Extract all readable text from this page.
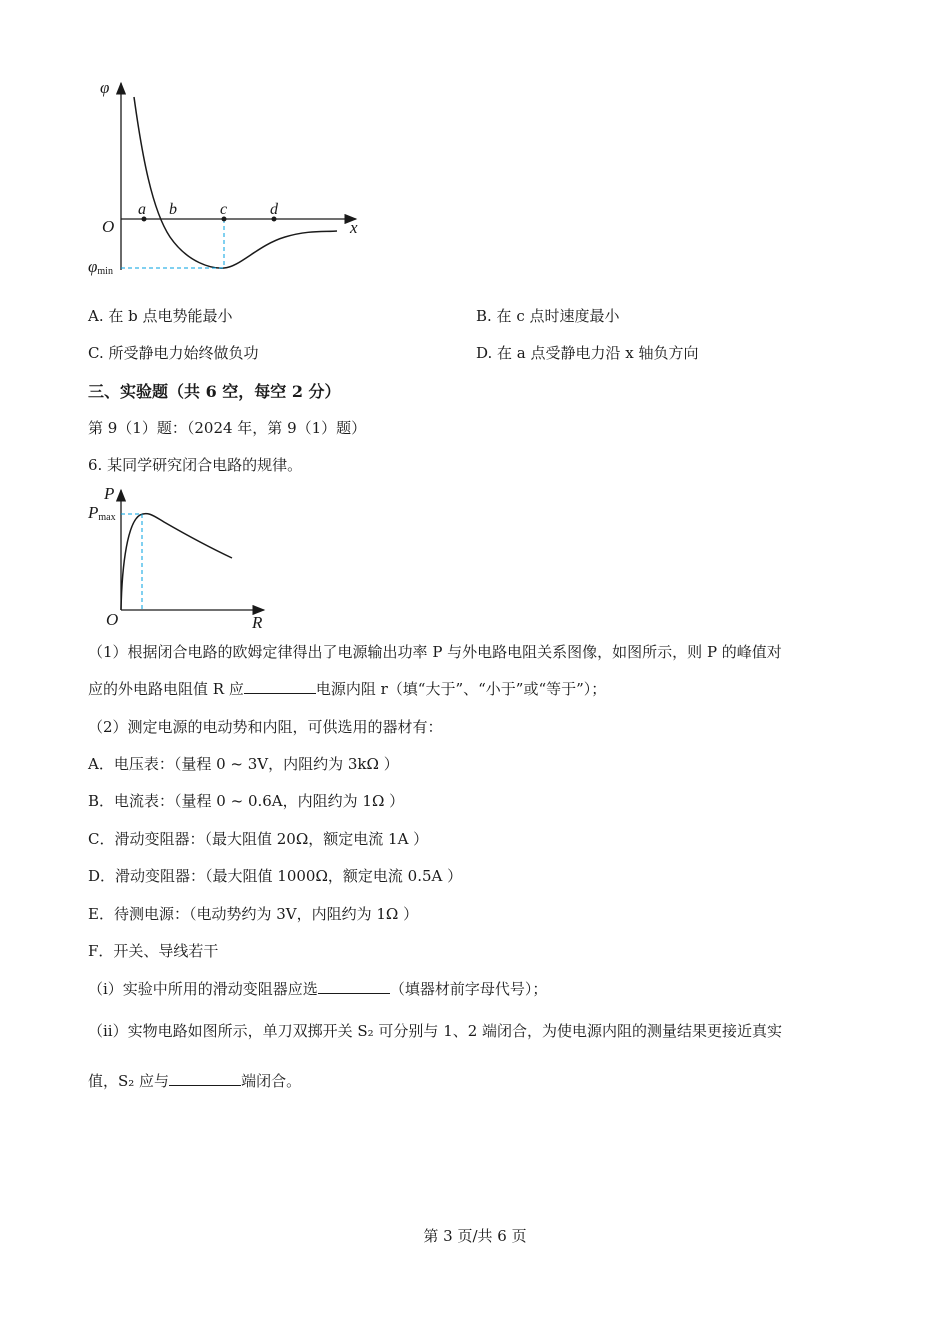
φ
x
O
a b	c	d
φmin
A. 在 b 点电势能最小	B. 在 c 点时速度最小
C. 所受静电力始终做负功	D. 在 a 点受静电力沿 x 轴负方向
三、实验题（共 6 空，每空 2 分）
第 9（1）题：（2024 年，第 9（1）题）
6. 某同学研究闭合电路的规律。
P
Pmax
O	R
（1）根据闭合电路的欧姆定律得出了电源输出功率 P 与外电路电阻关系图像，如图所示，则 P 的峰值对
应的外电路电阻值 R 应	电源内阻 r（填“大于”、“小于”或“等于”）；
（2）测定电源的电动势和内阻，可供选用的器材有：
A．电压表：（量程 0 ~ 3V，内阻约为 3kΩ ）
B．电流表：（量程 0 ~ 0.6A，内阻约为 1Ω ）
C．滑动变阻器：（最大阻值 20Ω，额定电流 1A ）
D．滑动变阻器：（最大阻值 1000Ω，额定电流 0.5A ）
E．待测电源：（电动势约为 3V，内阻约为 1Ω ）
F．开关、导线若干
（i）实验中所用的滑动变阻器应选	（填器材前字母代号）；
（ii）实物电路如图所示，单刀双掷开关 S₂ 可分别与 1、2 端闭合，为使电源内阻的测量结果更接近真实
值，S₂ 应与	端闭合。
第 3 页/共 6 页
